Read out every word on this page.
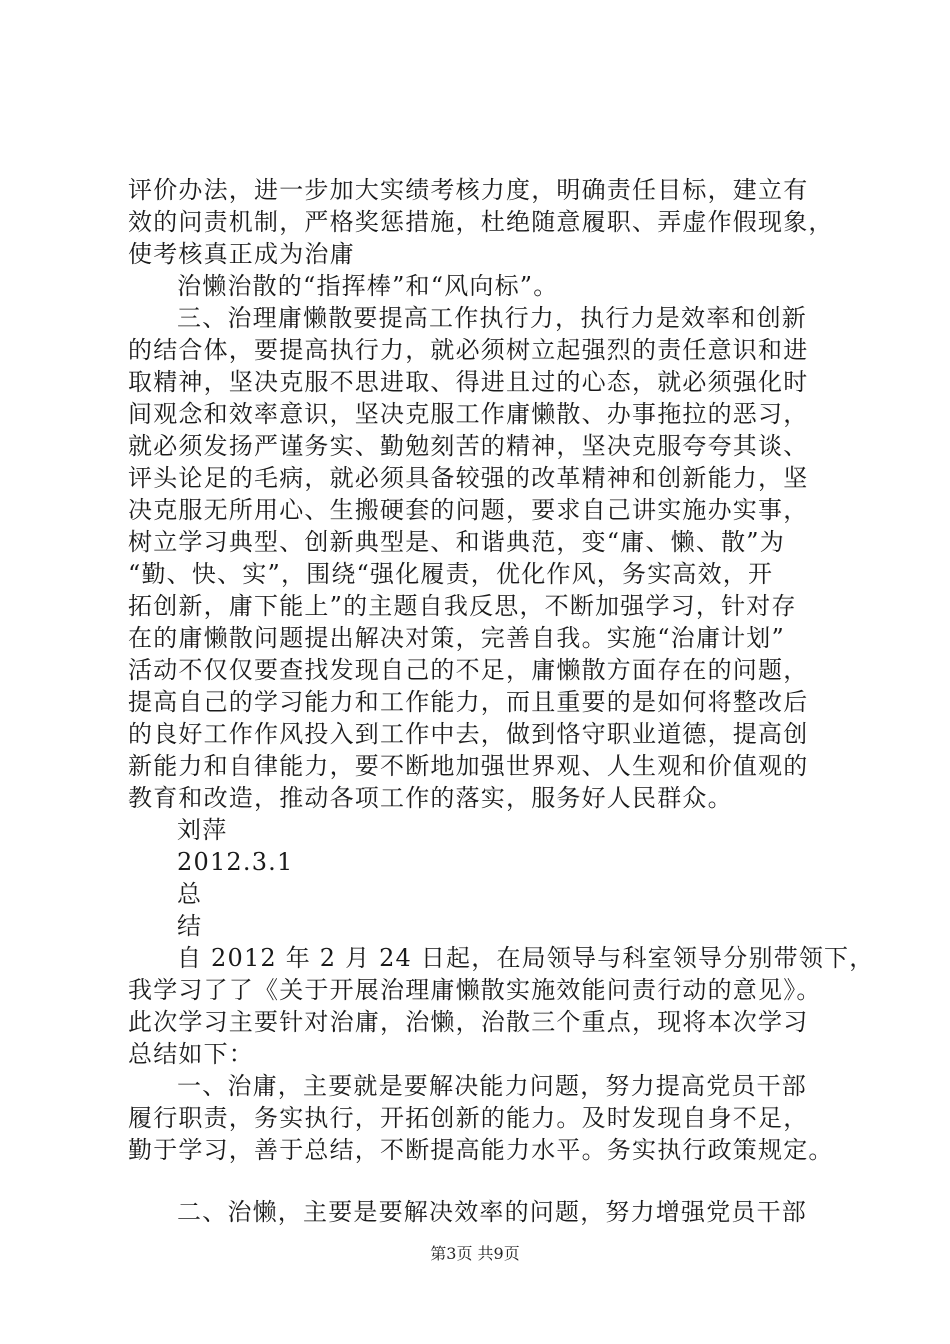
评价办法，进一步加大实绩考核力度，明确责任目标，建立有
效的问责机制，严格奖惩措施，杜绝随意履职、弄虚作假现象，
使考核真正成为治庸
治懒治散的“指挥棒”和“风向标”。
三、治理庸懒散要提高工作执行力，执行力是效率和创新
的结合体，要提高执行力，就必须树立起强烈的责任意识和进
取精神，坚决克服不思进取、得进且过的心态，就必须强化时
间观念和效率意识，坚决克服工作庸懒散、办事拖拉的恶习，
就必须发扬严谨务实、勤勉刻苦的精神，坚决克服夸夸其谈、
评头论足的毛病，就必须具备较强的改革精神和创新能力，坚
决克服无所用心、生搬硬套的问题，要求自己讲实施办实事，
树立学习典型、创新典型是、和谐典范，变“庸、懒、散”为
“勤、快、实”，围绕“强化履责，优化作风，务实高效，开
拓创新，庸下能上”的主题自我反思，不断加强学习，针对存
在的庸懒散问题提出解决对策，完善自我。实施“治庸计划”
活动不仅仅要查找发现自己的不足，庸懒散方面存在的问题，
提高自己的学习能力和工作能力，而且重要的是如何将整改后
的良好工作作风投入到工作中去，做到恪守职业道德，提高创
新能力和自律能力，要不断地加强世界观、人生观和价值观的
教育和改造，推动各项工作的落实，服务好人民群众。
刘萍
2012.3.1
总
结
自 2012 年 2 月 24 日起，在局领导与科室领导分别带领下，
我学习了了《关于开展治理庸懒散实施效能问责行动的意见》。
此次学习主要针对治庸，治懒，治散三个重点，现将本次学习
总结如下：
一、治庸，主要就是要解决能力问题，努力提高党员干部
履行职责，务实执行，开拓创新的能力。及时发现自身不足，
勤于学习，善于总结，不断提高能力水平。务实执行政策规定。
二、治懒，主要是要解决效率的问题，努力增强党员干部
第3页 共9页
